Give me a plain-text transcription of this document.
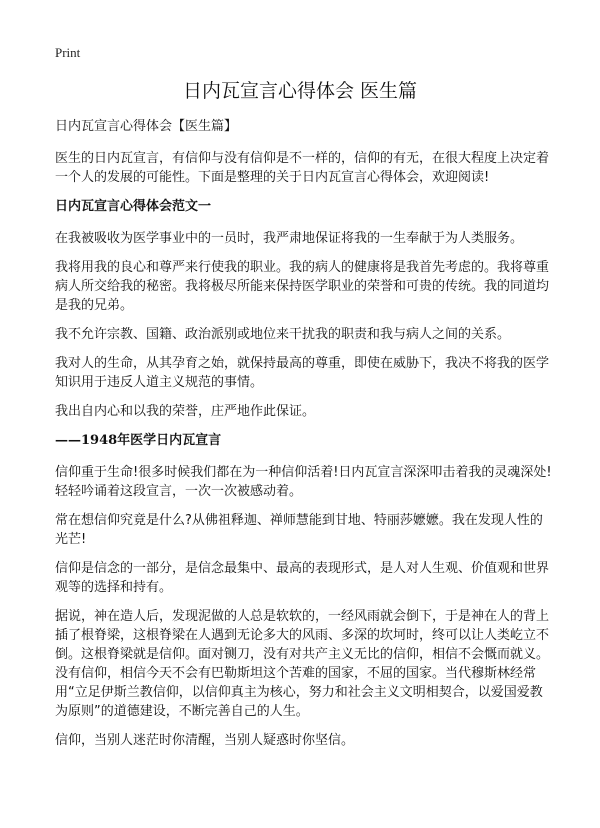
Print
日内瓦宣言心得体会 医生篇

日内瓦宣言心得体会【医生篇】

医生的日内瓦宣言，有信仰与没有信仰是不一样的，信仰的有无，在很大程度上决定着一个人的发展的可能性。下面是整理的关于日内瓦宣言心得体会，欢迎阅读!

日内瓦宣言心得体会范文一

在我被吸收为医学事业中的一员时，我严肃地保证将我的一生奉献于为人类服务。

我将用我的良心和尊严来行使我的职业。我的病人的健康将是我首先考虑的。我将尊重病人所交给我的秘密。我将极尽所能来保持医学职业的荣誉和可贵的传统。我的同道均是我的兄弟。

我不允许宗教、国籍、政治派别或地位来干扰我的职责和我与病人之间的关系。

我对人的生命，从其孕育之始，就保持最高的尊重，即使在威胁下，我决不将我的医学知识用于违反人道主义规范的事情。

我出自内心和以我的荣誉，庄严地作此保证。

——1948年医学日内瓦宣言

信仰重于生命!很多时候我们都在为一种信仰活着!日内瓦宣言深深叩击着我的灵魂深处!轻轻吟诵着这段宣言，一次一次被感动着。

常在想信仰究竟是什么?从佛祖释迦、禅师慧能到甘地、特丽莎嬷嬷。我在发现人性的光芒!

信仰是信念的一部分，是信念最集中、最高的表现形式，是人对人生观、价值观和世界观等的选择和持有。

据说，神在造人后，发现泥做的人总是软软的，一经风雨就会倒下，于是神在人的背上插了根脊梁，这根脊梁在人遇到无论多大的风雨、多深的坎坷时，终可以让人类屹立不倒。这根脊梁就是信仰。面对铡刀，没有对共产主义无比的信仰，相信不会慨而就义。没有信仰，相信今天不会有巴勒斯坦这个苦难的国家，不屈的国家。当代穆斯林经常用“立足伊斯兰教信仰，以信仰真主为核心，努力和社会主义文明相契合，以爱国爱教为原则”的道德建设，不断完善自己的人生。

信仰，当别人迷茫时你清醒，当别人疑惑时你坚信。
